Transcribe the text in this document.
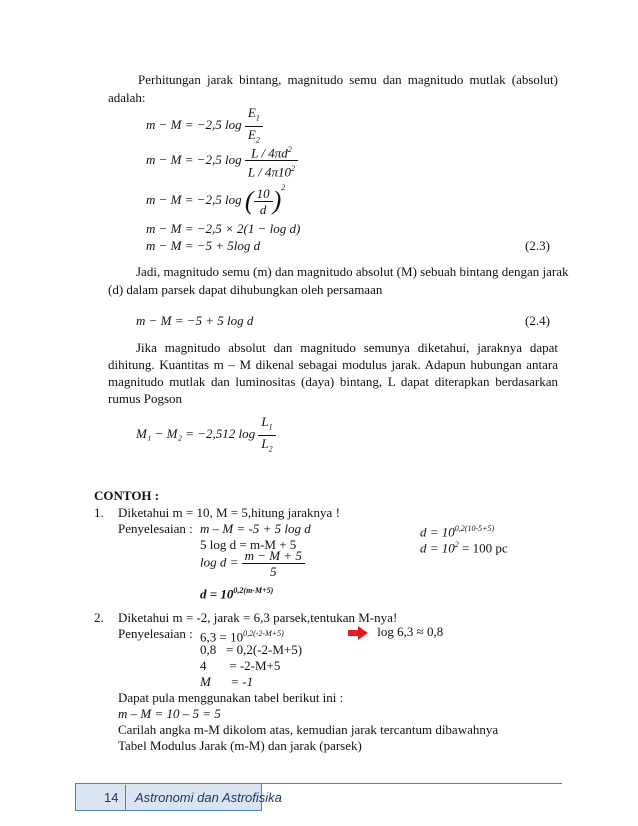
Perhitungan jarak bintang, magnitudo semu dan magnitudo mutlak (absolut)
adalah:
m − M = −2,5 $\log \frac{E_1}{E_2}$
m − M = −2,5 $\log \frac{L / 4\pi d^2}{L / 4\pi 10^2}$
m − M = −2,5 log ( $\frac{10}{d} )^2$
m − M = −2,5 × 2(1 − log d)
m − M = −5 + 5log d	(2.3)
Jadi, magnitudo semu (m) dan magnitudo absolut (M) sebuah bintang dengan jarak
(d) dalam parsek dapat dihubungkan oleh persamaan
m − M = −5 + 5 log d	(2.4)
Jika magnitudo absolut dan magnitudo semunya diketahui, jaraknya dapat
dihitung. Kuantitas m – M dikenal sebagai modulus jarak. Adapun hubungan antara
magnitudo mutlak dan luminositas (daya) bintang, L dapat diterapkan berdasarkan
rumus Pogson
M₁ − M₂ = −2,512 $\log \frac{L_1}{L_2}$
CONTOH :
1. Diketahui m = 10, M = 5,hitung jaraknya !
Penyelesaian : m – M = -5 + 5 log d
5 log d = m-M + 5
$\log d = \frac{m - M + 5}{5}$
$d = 10^{0,2(m-M+5)}$
$d = 10^{0,2(10-5+5)}$
$d = 10^2 = 100$ pc
2. Diketahui m = -2, jarak = 6,3 parsek,tentukan M-nya!
Penyelesaian : $6,3 = 10^{0,2(-2-M+5)}$	log 6,3 ≈ 0,8
0,8   = 0,2(-2-M+5)
4       = -2-M+5
M      = -1
Dapat pula menggunakan tabel berikut ini :
m – M = 10 – 5 = 5
Carilah angka m-M dikolom atas, kemudian jarak tercantum dibawahnya
Tabel Modulus Jarak (m-M) dan jarak (parsek)
14 Astronomi dan Astrofisika
